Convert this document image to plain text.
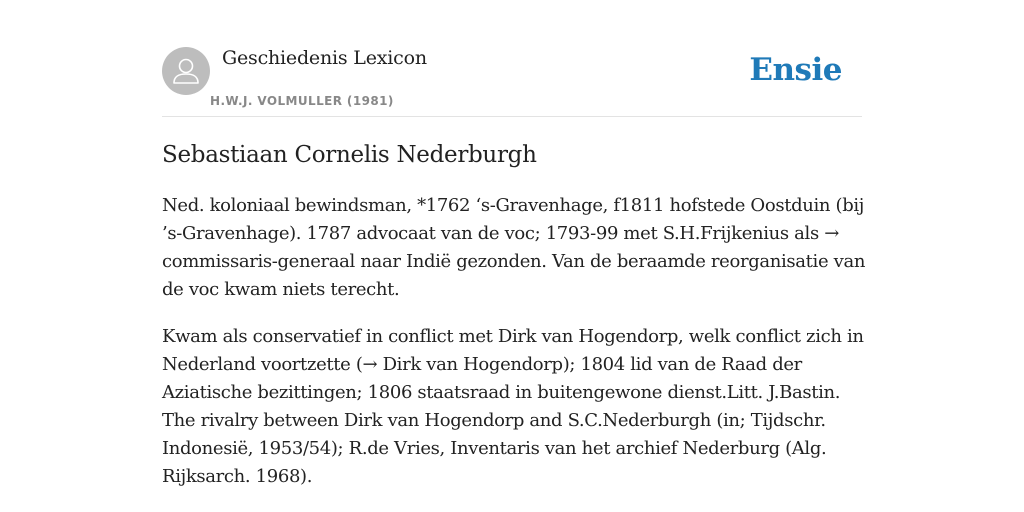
Geschiedenis Lexicon
H.W.J. VOLMULLER (1981)
Ensie
Sebastiaan Cornelis Nederburgh

Ned. koloniaal bewindsman, *1762 ‘s-Gravenhage, f1811 hofstede Oostduin (bij ’s-Gravenhage). 1787 advocaat van de voc; 1793-99 met S.H.Frijkenius als → commissaris-generaal naar Indië gezonden. Van de beraamde reorganisatie van de voc kwam niets terecht.

Kwam als conservatief in conflict met Dirk van Hogendorp, welk conflict zich in Nederland voortzette (→ Dirk van Hogendorp); 1804 lid van de Raad der Aziatische bezittingen; 1806 staatsraad in buitengewone dienst.Litt. J.Bastin. The rivalry between Dirk van Hogendorp and S.C.Nederburgh (in; Tijdschr. Indonesië, 1953/54); R.de Vries, Inventaris van het archief Nederburg (Alg. Rijksarch. 1968).
